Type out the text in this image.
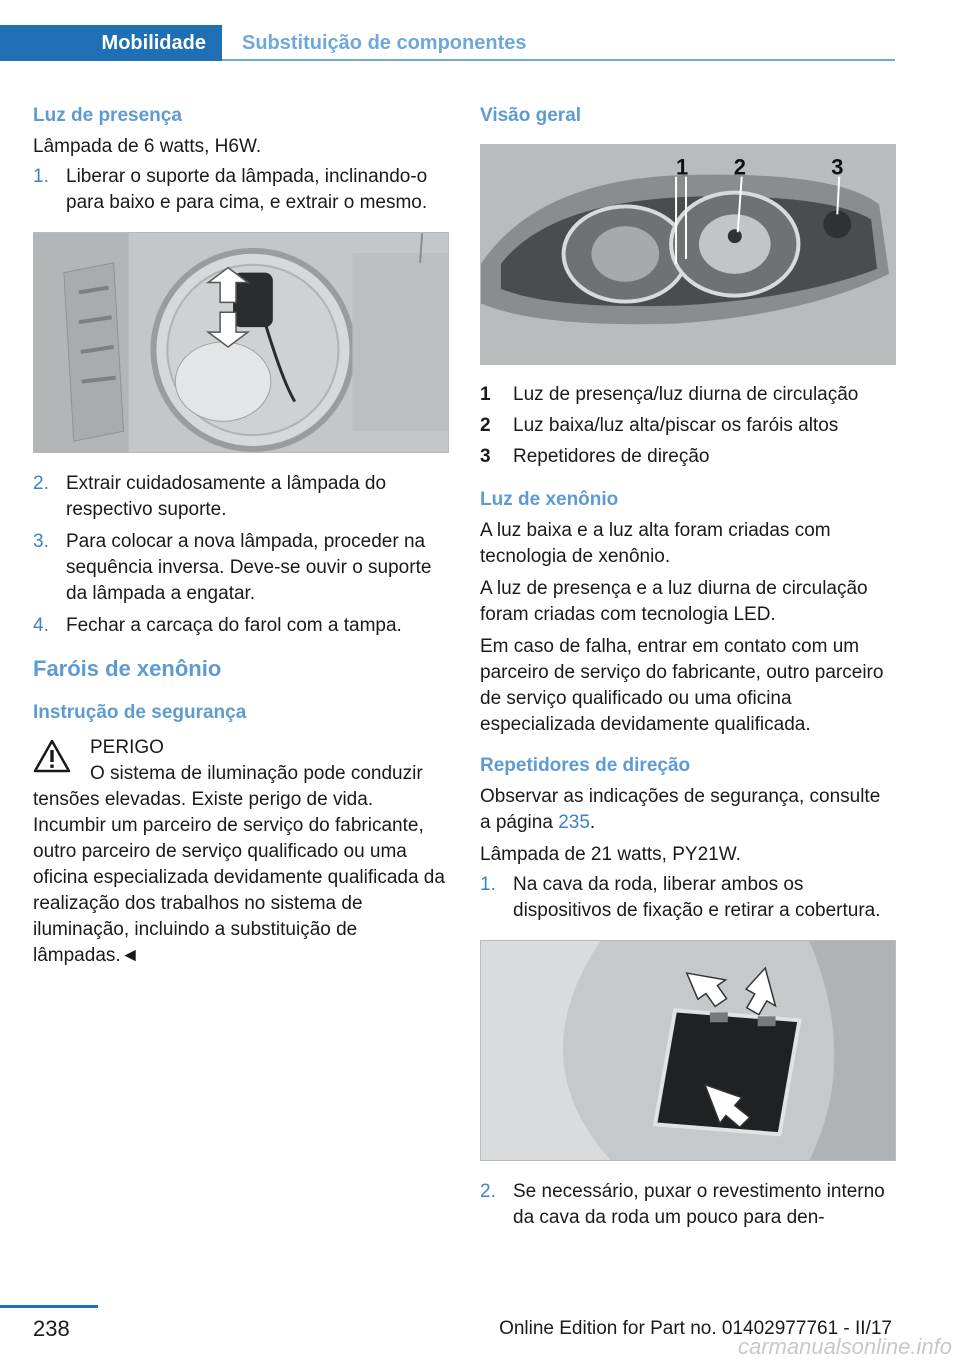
Mobilidade	Substituição de componentes
Luz de presença

Lâmpada de 6 watts, H6W.

1. Liberar o suporte da lâmpada, inclinando-o para baixo e para cima, e extrair o mesmo.
2. Extrair cuidadosamente a lâmpada do respectivo suporte.
3. Para colocar a nova lâmpada, proceder na sequência inversa. Deve-se ouvir o suporte da lâmpada a engatar.
4. Fechar a carcaça do farol com a tampa.
Faróis de xenônio
Instrução de segurança
PERIGO
O sistema de iluminação pode conduzir
tensões elevadas. Existe perigo de vida. Incumbir um parceiro de serviço do fabricante, outro parceiro de serviço qualificado ou uma oficina especializada devidamente qualificada da realização dos trabalhos no sistema de iluminação, incluindo a substituição de lâmpadas.◄
Visão geral
1 2	3
1	Luz de presença/luz diurna de circulação
2	Luz baixa/luz alta/piscar os faróis altos
3	Repetidores de direção
Luz de xenônio

A luz baixa e a luz alta foram criadas com tecnologia de xenônio.

A luz de presença e a luz diurna de circulação foram criadas com tecnologia LED.

Em caso de falha, entrar em contato com um parceiro de serviço do fabricante, outro parceiro de serviço qualificado ou uma oficina especializada devidamente qualificada.

Repetidores de direção

Observar as indicações de segurança, consulte a página 235.

Lâmpada de 21 watts, PY21W.

1. Na cava da roda, liberar ambos os dispositivos de fixação e retirar a cobertura.
2. Se necessário, puxar o revestimento interno da cava da roda um pouco para den-
238	Online Edition for Part no. 01402977761 - II/17
carmanualsonline.info
